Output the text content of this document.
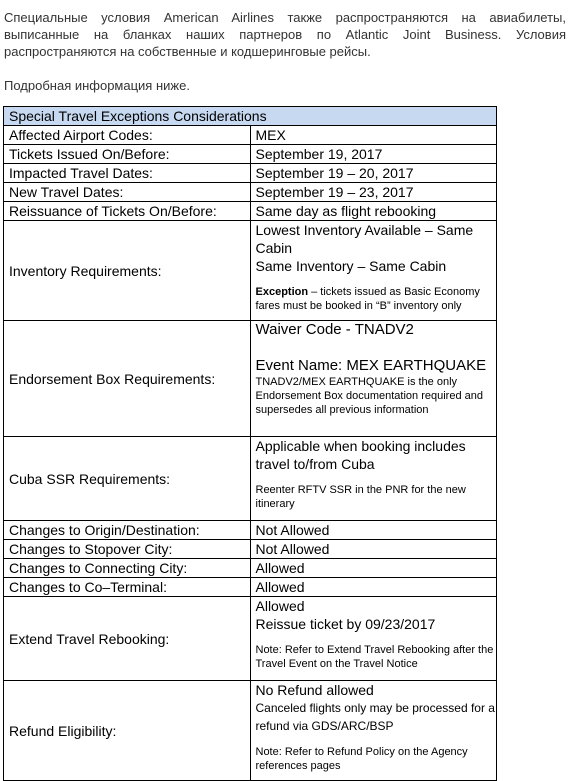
Специальные условия American Airlines также распространяются на авиабилеты, выписанные на бланках наших партнеров по Atlantic Joint Business. Условия распространяются на собственные и кодшеринговые рейсы.

Подробная информация ниже.

Special Travel Exceptions Considerations	
Affected Airport Codes:	MEX
Tickets Issued On/Before:	September 19, 2017
Impacted Travel Dates:	September 19 – 20, 2017
New Travel Dates:	September 19 – 23, 2017
Reissuance of Tickets On/Before:	Same day as flight rebooking
Inventory Requirements:	Lowest Inventory Available – Same Cabin
Same Inventory – Same Cabin
Exception – tickets issued as Basic Economy fares must be booked in “B” inventory only

Endorsement Box Requirements:	Waiver Code - TNADV2
Event Name: MEX EARTHQUAKE
TNADV2/MEX EARTHQUAKE is the only Endorsement Box documentation required and supersedes all previous information

Cuba SSR Requirements:	Applicable when booking includes travel to/from Cuba
Reenter RFTV SSR in the PNR for the new itinerary

Changes to Origin/Destination:	Not Allowed
Changes to Stopover City:	Not Allowed
Changes to Connecting City:	Allowed
Changes to Co–Terminal:	Allowed
Extend Travel Rebooking:	Allowed
Reissue ticket by 09/23/2017
Note: Refer to Extend Travel Rebooking after the Travel Event on the Travel Notice

Refund Eligibility:	No Refund allowed
Canceled flights only may be processed for a refund via GDS/ARC/BSP
Note: Refer to Refund Policy on the Agency references pages
